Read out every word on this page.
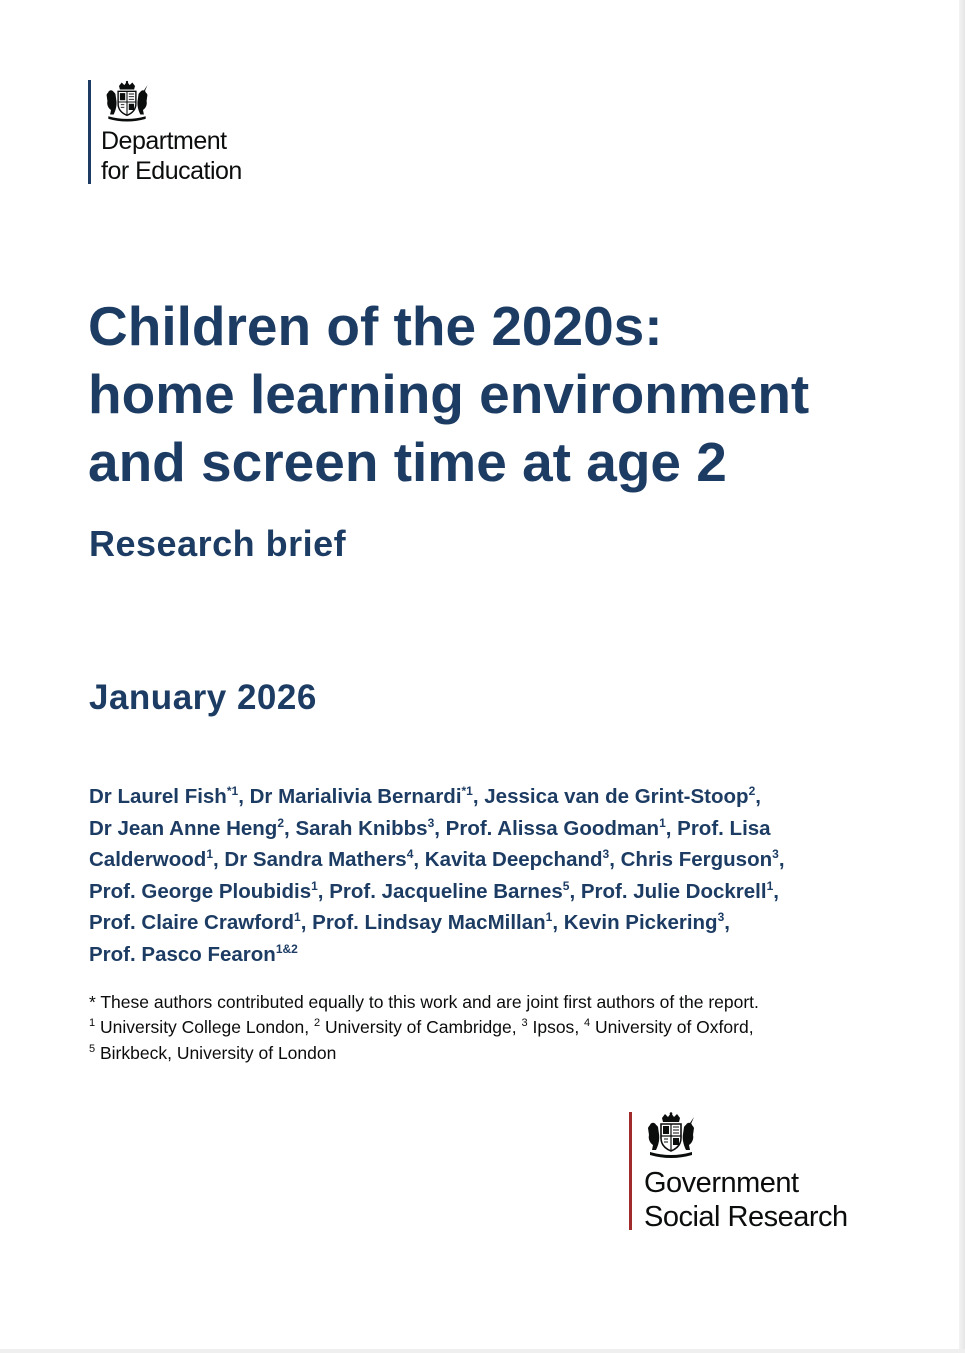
Department
for Education
Children of the 2020s:
home learning environment
and screen time at age 2
Research brief
January 2026
Dr Laurel Fish$^{*1}$, Dr Marialivia Bernardi$^{*1}$, Jessica van de Grint-Stoop$^2$,
Dr Jean Anne Heng$^2$, Sarah Knibbs$^3$, Prof. Alissa Goodman$^1$, Prof. Lisa
Calderwood$^1$, Dr Sandra Mathers$^4$, Kavita Deepchand$^3$, Chris Ferguson$^3$,
Prof. George Ploubidis$^1$, Prof. Jacqueline Barnes$^5$, Prof. Julie Dockrell$^1$,
Prof. Claire Crawford$^1$, Prof. Lindsay MacMillan$^1$, Kevin Pickering$^3$,
Prof. Pasco Fearon$^{1\&2}$
* These authors contributed equally to this work and are joint first authors of the report.
$^1$ University College London, $^2$ University of Cambridge, $^3$ Ipsos, $^4$ University of Oxford,
$^5$ Birkbeck, University of London
Government
Social Research
